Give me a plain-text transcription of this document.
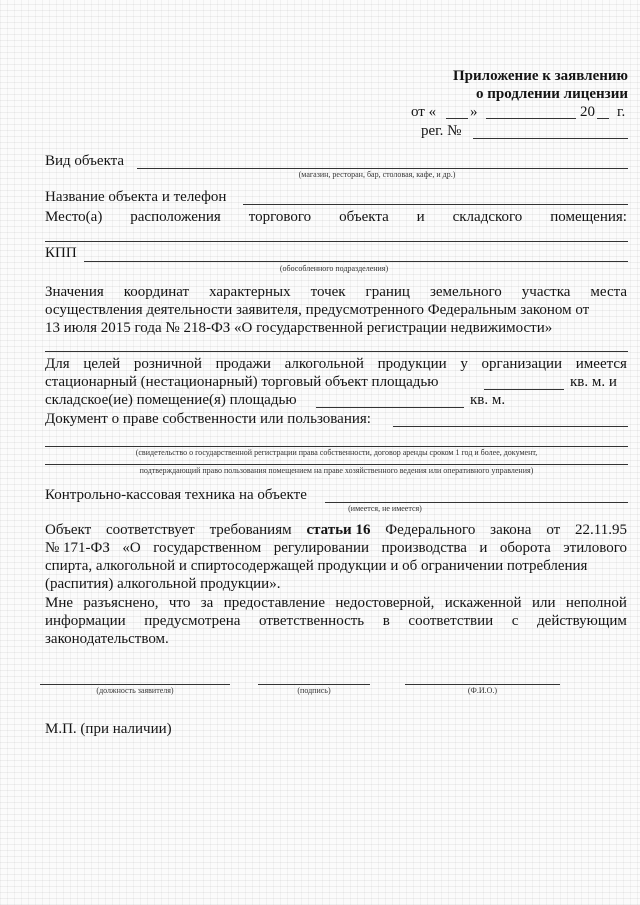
Приложение к заявлению
о продлении лицензии
от « »	20 г.
рег. №
Вид объекта
(магазин, ресторан, бар, столовая, кафе, и др.)
Название объекта и телефон
Место(а) расположения торгового объекта и складского помещения:
КПП
(обособленного подразделения)
Значения координат характерных точек границ земельного участка места
осуществления деятельности заявителя, предусмотренного Федеральным законом от
13 июля 2015 года № 218-ФЗ «О государственной регистрации недвижимости»
Для целей розничной продажи алкогольной продукции у организации имеется
стационарный (нестационарный) торговый объект площадью	кв. м. и
складское(ие) помещение(я) площадью	кв. м.
Документ о праве собственности или пользования:
(свидетельство о государственной регистрации права собственности, договор аренды сроком 1 год и более, документ,
подтверждающий право пользования помещением на праве хозяйственного ведения или оперативного управления)
Контрольно-кассовая техника на объекте
(имеется, не имеется)
Объект соответствует требованиям статьи 16 Федерального закона от 22.11.95
№ 171-ФЗ «О государственном регулировании производства и оборота этилового
спирта, алкогольной и спиртосодержащей продукции и об ограничении потребления
(распития) алкогольной продукции».
Мне разъяснено, что за предоставление недостоверной, искаженной или неполной
информации предусмотрена ответственность в соответствии с действующим
законодательством.
(должность заявителя)	(подпись)	(Ф.И.О.)
М.П. (при наличии)
